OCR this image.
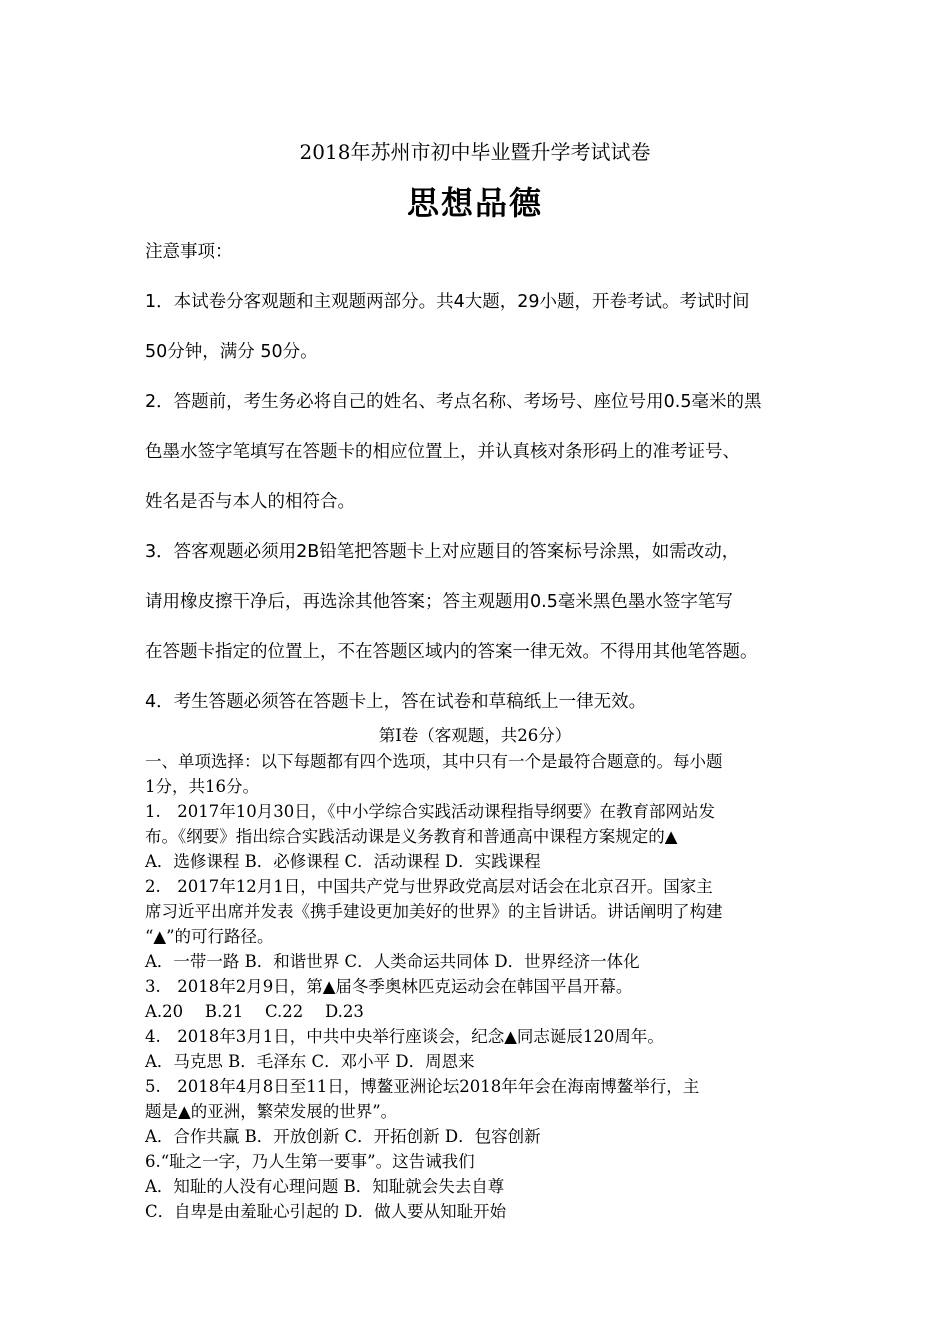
2018年苏州市初中毕业暨升学考试试卷
思想品德
注意事项：
1．本试卷分客观题和主观题两部分。共4大题，29小题，开卷考试。考试时间
50分钟，满分 50分。
2．答题前，考生务必将自己的姓名、考点名称、考场号、座位号用0.5毫米的黑
色墨水签字笔填写在答题卡的相应位置上，并认真核对条形码上的准考证号、
姓名是否与本人的相符合。
3．答客观题必须用2B铅笔把答题卡上对应题目的答案标号涂黑，如需改动，
请用橡皮擦干净后，再选涂其他答案；答主观题用0.5毫米黑色墨水签字笔写
在答题卡指定的位置上，不在答题区域内的答案一律无效。不得用其他笔答题。
4．考生答题必须答在答题卡上，答在试卷和草稿纸上一律无效。
第Ⅰ卷（客观题，共26分）
一、单项选择：以下每题都有四个选项，其中只有一个是最符合题意的。每小题
1分，共16分。
1.　2017年10月30日，《中小学综合实践活动课程指导纲要》在教育部网站发
布。《纲要》指出综合实践活动课是义务教育和普通高中课程方案规定的▲
A．选修课程 B．必修课程 C．活动课程 D．实践课程
2.　2017年12月1日，中国共产党与世界政党高层对话会在北京召开。国家主
席习近平出席并发表《携手建设更加美好的世界》的主旨讲话。讲话阐明了构建
“▲”的可行路径。
A．一带一路 B．和谐世界 C．人类命运共同体 D．世界经济一体化
3.　2018年2月9日，第▲届冬季奥林匹克运动会在韩国平昌开幕。
A.20　 B.21　 C.22　 D.23
4.　2018年3月1日，中共中央举行座谈会，纪念▲同志诞辰120周年。
A．马克思 B．毛泽东 C．邓小平 D．周恩来
5.　2018年4月8日至11日，博鳌亚洲论坛2018年年会在海南博鳌举行，主
题是▲的亚洲，繁荣发展的世界”。
A．合作共赢 B．开放创新 C．开拓创新 D．包容创新
6.“耻之一字，乃人生第一要事”。这告诫我们
A．知耻的人没有心理问题 B．知耻就会失去自尊
C．自卑是由羞耻心引起的 D．做人要从知耻开始
